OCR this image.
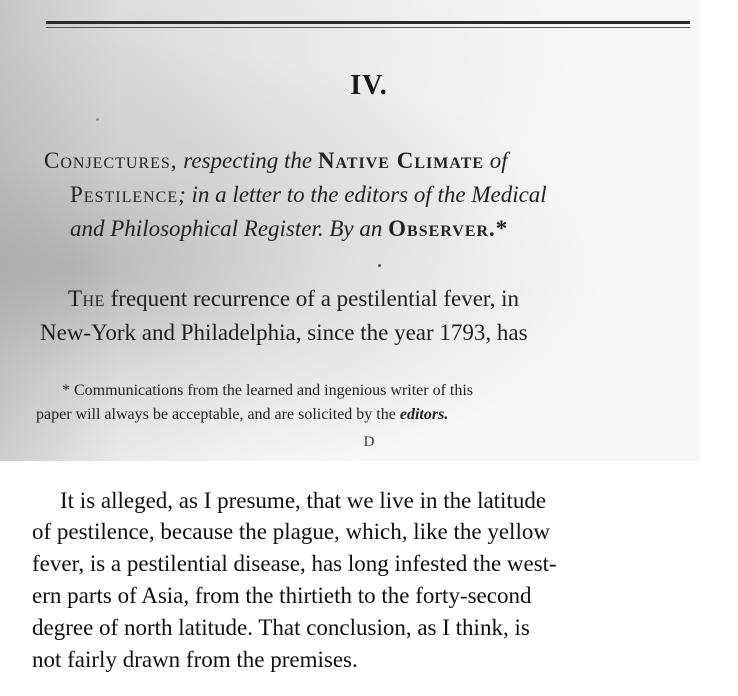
IV.
Conjectures, respecting the Native Climate of
Pestilence; in a letter to the editors of the Medical
and Philosophical Register. By an Observer.*
The frequent recurrence of a pestilential fever, in
New-York and Philadelphia, since the year 1793, has
* Communications from the learned and ingenious writer of this
paper will always be acceptable, and are solicited by the editors.
D
It is alleged, as I presume, that we live in the latitude
of pestilence, because the plague, which, like the yellow
fever, is a pestilential disease, has long infested the west-
ern parts of Asia, from the thirtieth to the forty-second
degree of north latitude. That conclusion, as I think, is
not fairly drawn from the premises.
